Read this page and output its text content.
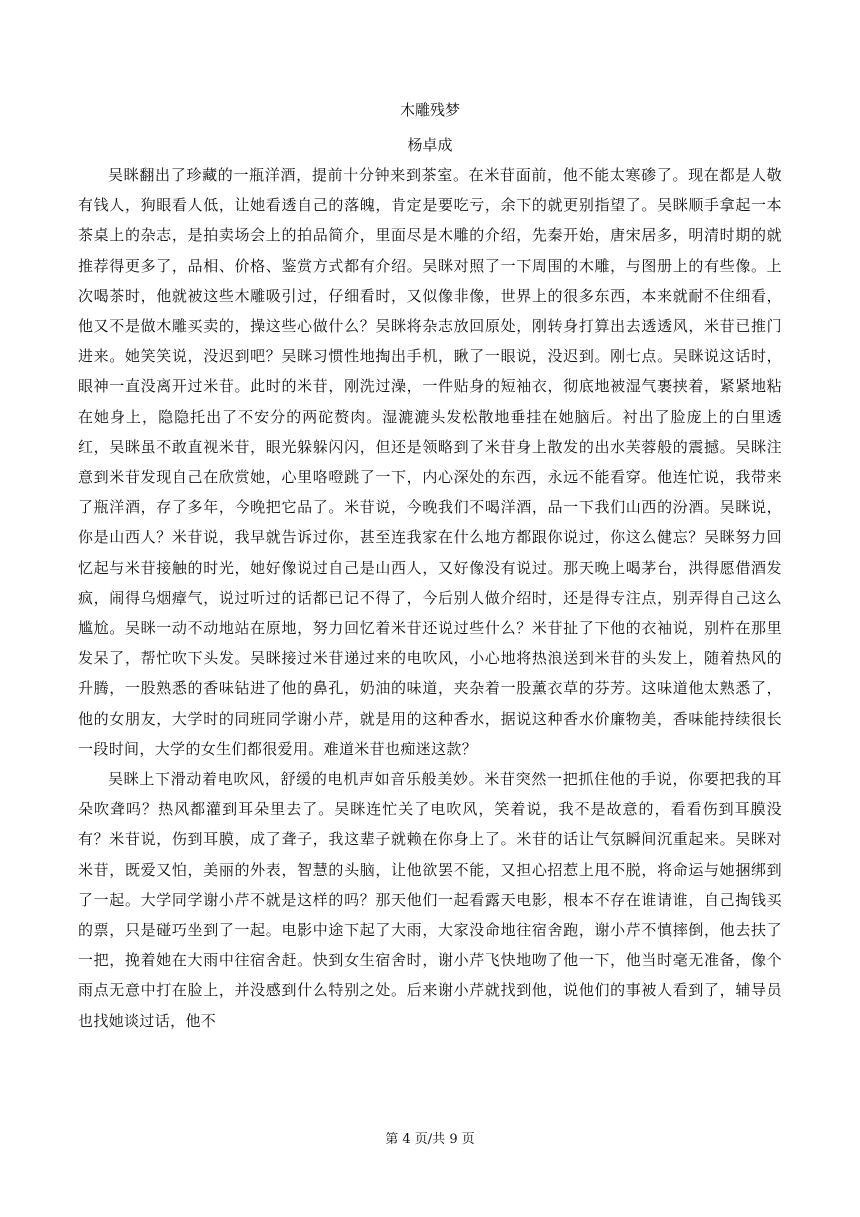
木雕残梦
杨卓成

吴眯翻出了珍藏的一瓶洋酒，提前十分钟来到茶室。在米苷面前，他不能太寒碜了。现在都是人敬有钱人，狗眼看人低，让她看透自己的落魄，肯定是要吃亏，余下的就更别指望了。吴眯顺手拿起一本茶桌上的杂志，是拍卖场会上的拍品简介，里面尽是木雕的介绍，先秦开始，唐宋居多，明清时期的就推荐得更多了，品相、价格、鉴赏方式都有介绍。吴眯对照了一下周围的木雕，与图册上的有些像。上次喝茶时，他就被这些木雕吸引过，仔细看时，又似像非像，世界上的很多东西，本来就耐不住细看，他又不是做木雕买卖的，操这些心做什么？吴眯将杂志放回原处，刚转身打算出去透透风，米苷已推门进来。她笑笑说，没迟到吧？吴眯习惯性地掏出手机，瞅了一眼说，没迟到。刚七点。吴眯说这话时，眼神一直没离开过米苷。此时的米苷，刚洗过澡，一件贴身的短袖衣，彻底地被湿气裹挟着，紧紧地粘在她身上，隐隐托出了不安分的两砣赘肉。湿漉漉头发松散地垂挂在她脑后。衬出了脸庞上的白里透红，吴眯虽不敢直视米苷，眼光躲躲闪闪，但还是领略到了米苷身上散发的出水芙蓉般的震撼。吴眯注意到米苷发现自己在欣赏她，心里咯噔跳了一下，内心深处的东西，永远不能看穿。他连忙说，我带来了瓶洋酒，存了多年，今晚把它品了。米苷说，今晚我们不喝洋酒，品一下我们山西的汾酒。吴眯说，你是山西人？米苷说，我早就告诉过你，甚至连我家在什么地方都跟你说过，你这么健忘？吴眯努力回忆起与米苷接触的时光，她好像说过自己是山西人，又好像没有说过。那天晚上喝茅台，洪得愿借酒发疯，闹得乌烟瘴气，说过听过的话都已记不得了，今后别人做介绍时，还是得专注点，别弄得自己这么尴尬。吴眯一动不动地站在原地，努力回忆着米苷还说过些什么？米苷扯了下他的衣袖说，别杵在那里发呆了，帮忙吹下头发。吴眯接过米苷递过来的电吹风，小心地将热浪送到米苷的头发上，随着热风的升腾，一股熟悉的香味钻进了他的鼻孔，奶油的味道，夹杂着一股薰衣草的芬芳。这味道他太熟悉了，他的女朋友，大学时的同班同学谢小芹，就是用的这种香水，据说这种香水价廉物美，香味能持续很长一段时间，大学的女生们都很爱用。难道米苷也痴迷这款？

吴眯上下滑动着电吹风，舒缓的电机声如音乐般美妙。米苷突然一把抓住他的手说，你要把我的耳朵吹聋吗？热风都灌到耳朵里去了。吴眯连忙关了电吹风，笑着说，我不是故意的，看看伤到耳膜没有？米苷说，伤到耳膜，成了聋子，我这辈子就赖在你身上了。米苷的话让气氛瞬间沉重起来。吴眯对米苷，既爱又怕，美丽的外表，智慧的头脑，让他欲罢不能，又担心招惹上甩不脱，将命运与她捆绑到了一起。大学同学谢小芹不就是这样的吗？那天他们一起看露天电影，根本不存在谁请谁，自己掏钱买的票，只是碰巧坐到了一起。电影中途下起了大雨，大家没命地往宿舍跑，谢小芹不慎摔倒，他去扶了一把，挽着她在大雨中往宿舍赶。快到女生宿舍时，谢小芹飞快地吻了他一下，他当时毫无准备，像个雨点无意中打在脸上，并没感到什么特别之处。后来谢小芹就找到他，说他们的事被人看到了，辅导员也找她谈过话，他不

第 4 页/共 9 页
